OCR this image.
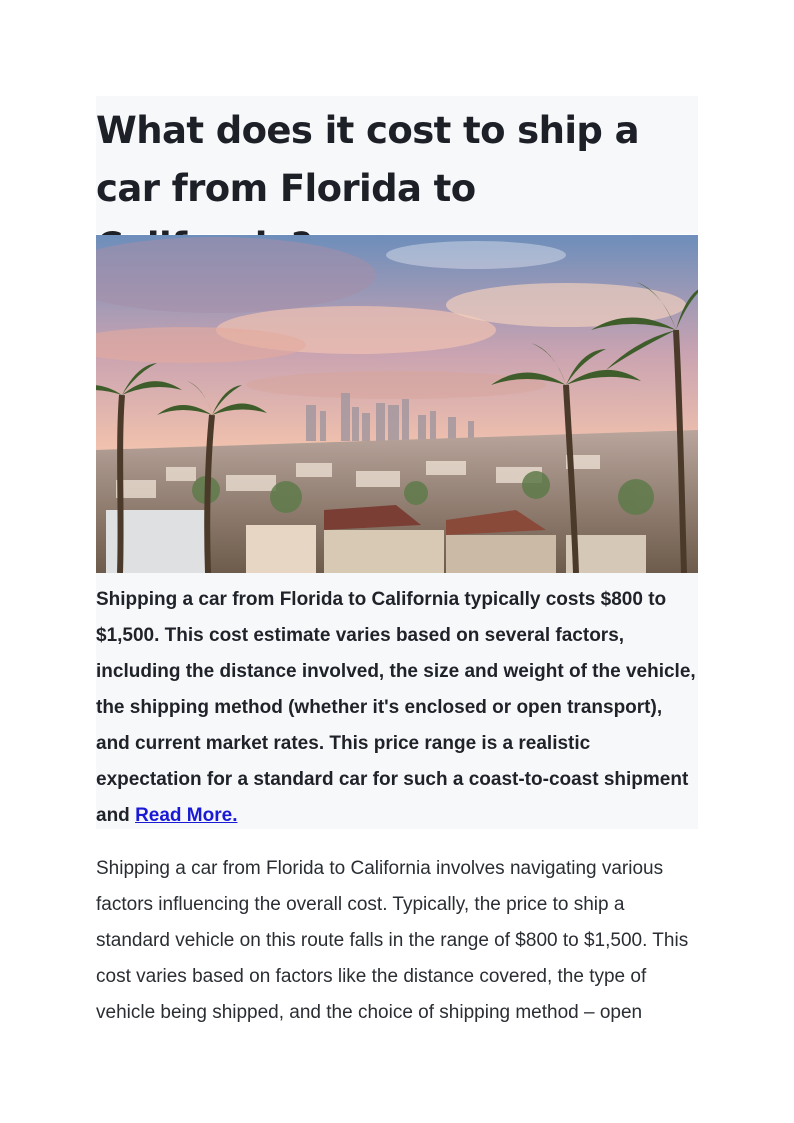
What does it cost to ship a car from Florida to

Shipping a car from Florida to California typically costs $800 to $1,500. This cost estimate varies based on several factors, including the distance involved, the size and weight of the vehicle, the shipping method (whether it's enclosed or open transport), and current market rates. This price range is a realistic expectation for a standard car for such a coast-to-coast shipment and Read More.

Shipping a car from Florida to California involves navigating various factors influencing the overall cost. Typically, the price to ship a standard vehicle on this route falls in the range of $800 to $1,500. This cost varies based on factors like the distance covered, the type of vehicle being shipped, and the choice of shipping method – open
